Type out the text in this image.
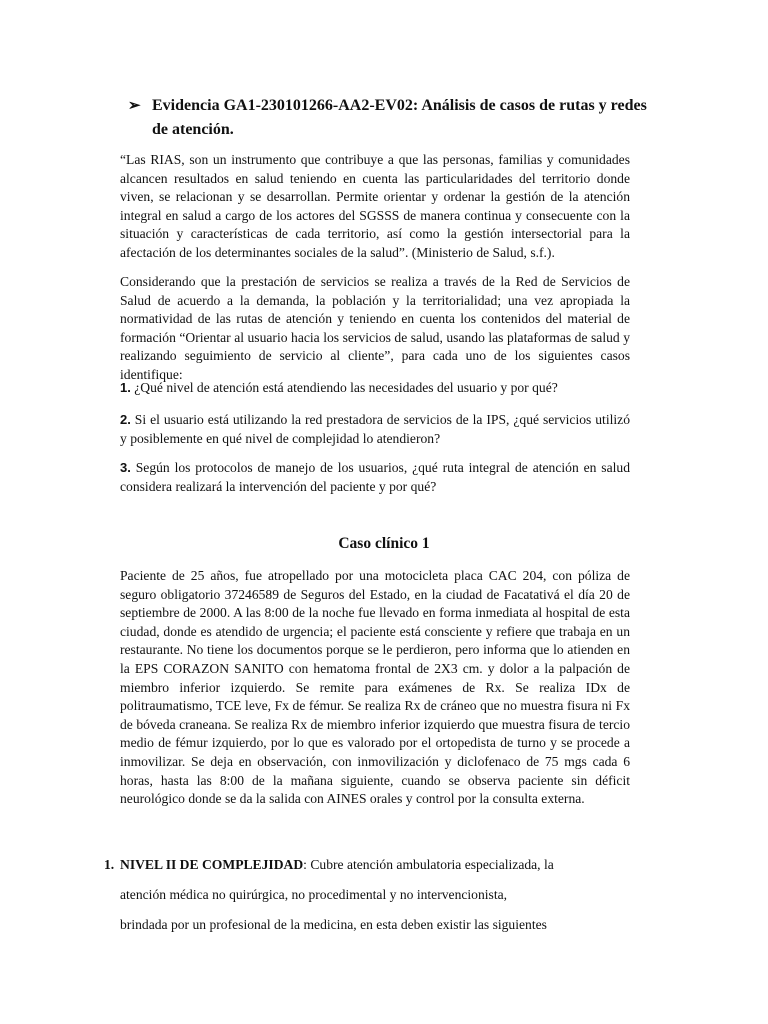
➢ Evidencia GA1-230101266-AA2-EV02: Análisis de casos de rutas y redes de atención.
“Las RIAS, son un instrumento que contribuye a que las personas, familias y comunidades alcancen resultados en salud teniendo en cuenta las particularidades del territorio donde viven, se relacionan y se desarrollan. Permite orientar y ordenar la gestión de la atención integral en salud a cargo de los actores del SGSSS de manera continua y consecuente con la situación y características de cada territorio, así como la gestión intersectorial para la afectación de los determinantes sociales de la salud”. (Ministerio de Salud, s.f.).
Considerando que la prestación de servicios se realiza a través de la Red de Servicios de Salud de acuerdo a la demanda, la población y la territorialidad; una vez apropiada la normatividad de las rutas de atención y teniendo en cuenta los contenidos del material de formación “Orientar al usuario hacia los servicios de salud, usando las plataformas de salud y realizando seguimiento de servicio al cliente”, para cada uno de los siguientes casos identifique:
1. ¿Qué nivel de atención está atendiendo las necesidades del usuario y por qué?
2. Si el usuario está utilizando la red prestadora de servicios de la IPS, ¿qué servicios utilizó y posiblemente en qué nivel de complejidad lo atendieron?
3. Según los protocolos de manejo de los usuarios, ¿qué ruta integral de atención en salud considera realizará la intervención del paciente y por qué?
Caso clínico 1
Paciente de 25 años, fue atropellado por una motocicleta placa CAC 204, con póliza de seguro obligatorio 37246589 de Seguros del Estado, en la ciudad de Facatativá el día 20 de septiembre de 2000. A las 8:00 de la noche fue llevado en forma inmediata al hospital de esta ciudad, donde es atendido de urgencia; el paciente está consciente y refiere que trabaja en un restaurante. No tiene los documentos porque se le perdieron, pero informa que lo atienden en la EPS CORAZON SANITO con hematoma frontal de 2X3 cm. y dolor a la palpación de miembro inferior izquierdo. Se remite para exámenes de Rx. Se realiza IDx de politraumatismo, TCE leve, Fx de fémur. Se realiza Rx de cráneo que no muestra fisura ni Fx de bóveda craneana. Se realiza Rx de miembro inferior izquierdo que muestra fisura de tercio medio de fémur izquierdo, por lo que es valorado por el ortopedista de turno y se procede a inmovilizar. Se deja en observación, con inmovilización y diclofenaco de 75 mgs cada 6 horas, hasta las 8:00 de la mañana siguiente, cuando se observa paciente sin déficit neurológico donde se da la salida con AINES orales y control por la consulta externa.
1. NIVEL II DE COMPLEJIDAD: Cubre atención ambulatoria especializada, la
atención médica no quirúrgica, no procedimental y no intervencionista,
brindada por un profesional de la medicina, en esta deben existir las siguientes
